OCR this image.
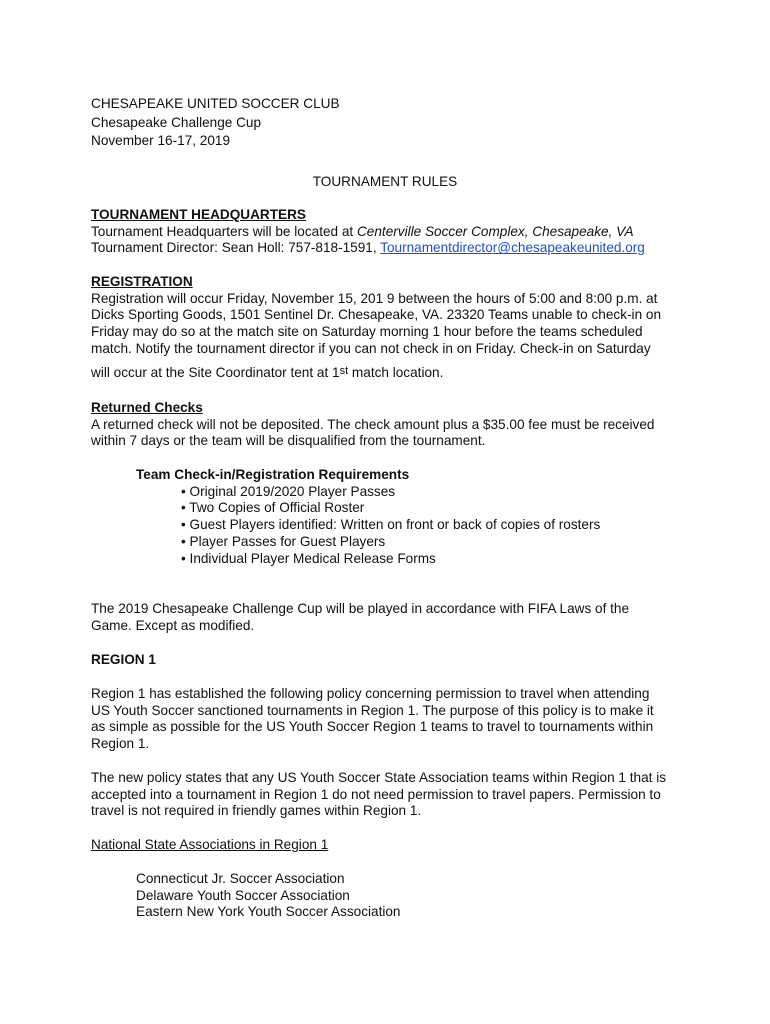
CHESAPEAKE UNITED SOCCER CLUB
Chesapeake Challenge Cup
November 16-17, 2019
TOURNAMENT RULES
TOURNAMENT HEADQUARTERS
Tournament Headquarters will be located at Centerville Soccer Complex, Chesapeake, VA
Tournament Director: Sean Holl: 757-818-1591, Tournamentdirector@chesapeakeunited.org
REGISTRATION
Registration will occur Friday, November 15, 201 9 between the hours of 5:00 and 8:00 p.m. at
Dicks Sporting Goods, 1501 Sentinel Dr. Chesapeake, VA. 23320 Teams unable to check-in on
Friday may do so at the match site on Saturday morning 1 hour before the teams scheduled
match. Notify the tournament director if you can not check in on Friday. Check-in on Saturday
will occur at the Site Coordinator tent at 1st match location.
Returned Checks
A returned check will not be deposited. The check amount plus a $35.00 fee must be received
within 7 days or the team will be disqualified from the tournament.
Team Check-in/Registration Requirements
• Original 2019/2020 Player Passes
• Two Copies of Official Roster
• Guest Players identified: Written on front or back of copies of rosters
• Player Passes for Guest Players
• Individual Player Medical Release Forms
The 2019 Chesapeake Challenge Cup will be played in accordance with FIFA Laws of the
Game. Except as modified.
REGION 1
Region 1 has established the following policy concerning permission to travel when attending
US Youth Soccer sanctioned tournaments in Region 1. The purpose of this policy is to make it
as simple as possible for the US Youth Soccer Region 1 teams to travel to tournaments within
Region 1.
The new policy states that any US Youth Soccer State Association teams within Region 1 that is
accepted into a tournament in Region 1 do not need permission to travel papers. Permission to
travel is not required in friendly games within Region 1.
National State Associations in Region 1
Connecticut Jr. Soccer Association
Delaware Youth Soccer Association
Eastern New York Youth Soccer Association
